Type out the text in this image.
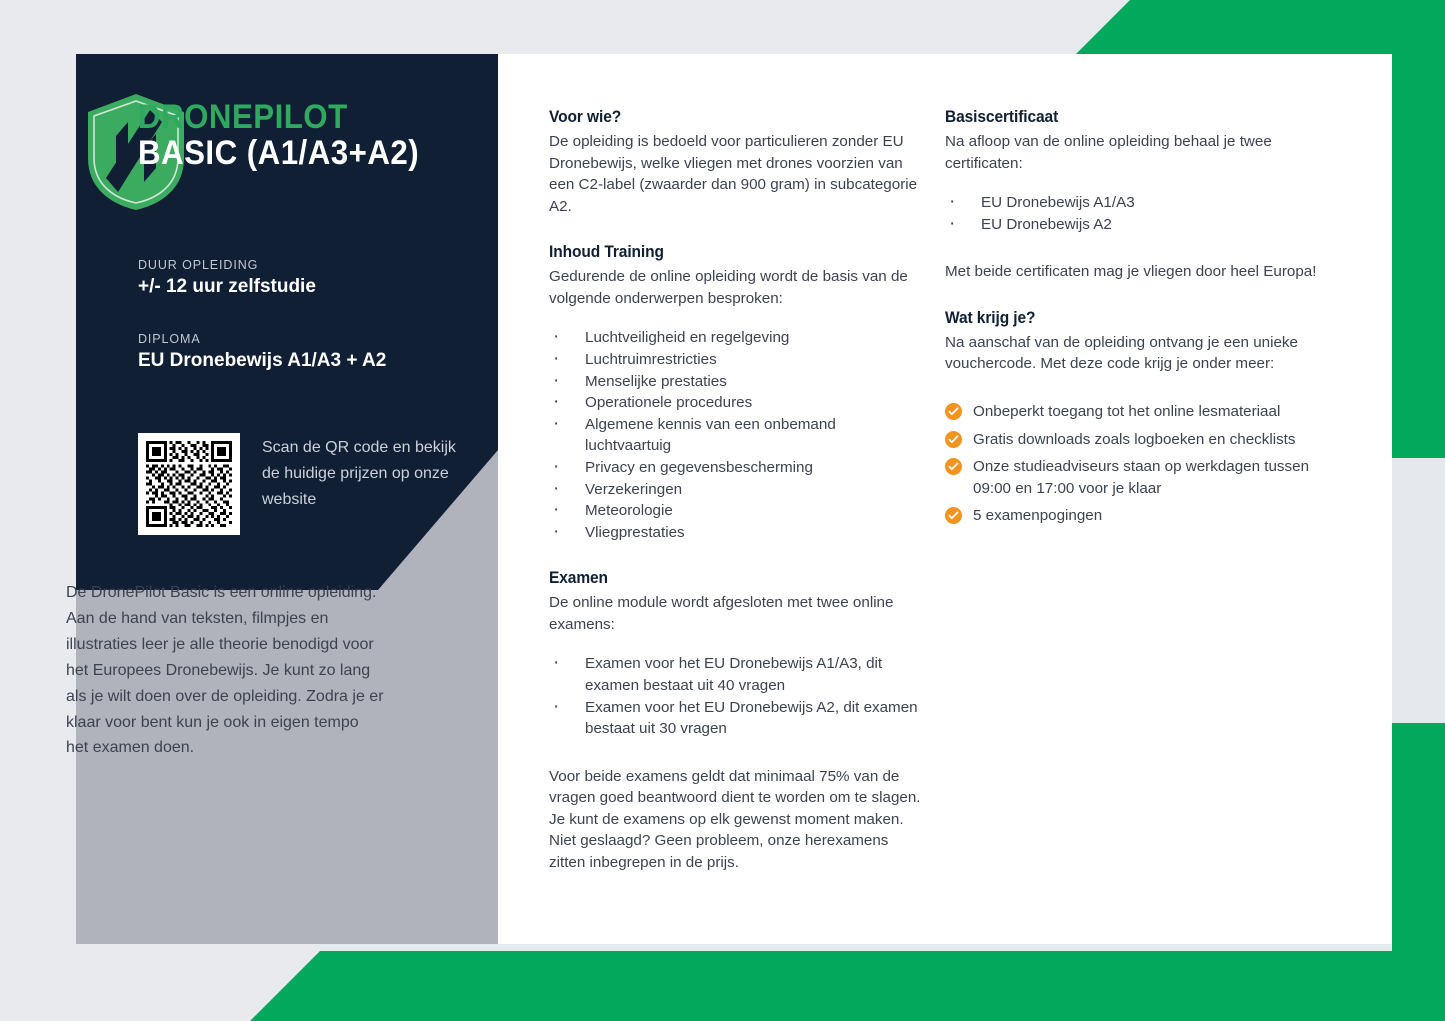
DRONEPILOT
BASIC (A1/A3+A2)
DUUR OPLEIDING
+/- 12 uur zelfstudie
DIPLOMA
EU Dronebewijs A1/A3 + A2
Scan de QR code en bekijk de huidige prijzen op onze website
De DronePilot Basic is een online opleiding. Aan de hand van teksten, filmpjes en illustraties leer je alle theorie benodigd voor het Europees Dronebewijs. Je kunt zo lang als je wilt doen over de opleiding. Zodra je er klaar voor bent kun je ook in eigen tempo het examen doen.
Voor wie?

De opleiding is bedoeld voor particulieren zonder EU Dronebewijs, welke vliegen met drones voorzien van een C2-label (zwaarder dan 900 gram) in subcategorie A2.

Inhoud Training

Gedurende de online opleiding wordt de basis van de volgende onderwerpen besproken:

· Luchtveiligheid en regelgeving
· Luchtruimrestricties
· Menselijke prestaties
· Operationele procedures
· Algemene kennis van een onbemand luchtvaartuig
· Privacy en gegevensbescherming
· Verzekeringen
· Meteorologie
· Vliegprestaties
Examen

De online module wordt afgesloten met twee online examens:

· Examen voor het EU Dronebewijs A1/A3, dit examen bestaat uit 40 vragen
· Examen voor het EU Dronebewijs A2, dit examen bestaat uit 30 vragen

Voor beide examens geldt dat minimaal 75% van de vragen goed beantwoord dient te worden om te slagen. Je kunt de examens op elk gewenst moment maken. Niet geslaagd? Geen probleem, onze herexamens zitten inbegrepen in de prijs.

Basiscertificaat

Na afloop van de online opleiding behaal je twee certificaten:

· EU Dronebewijs A1/A3
· EU Dronebewijs A2

Met beide certificaten mag je vliegen door heel Europa!

Wat krijg je?

Na aanschaf van de opleiding ontvang je een unieke vouchercode. Met deze code krijg je onder meer:

Onbeperkt toegang tot het online lesmateriaal
Gratis downloads zoals logboeken en checklists
Onze studieadviseurs staan op werkdagen tussen 09:00 en 17:00 voor je klaar
5 examenpogingen
